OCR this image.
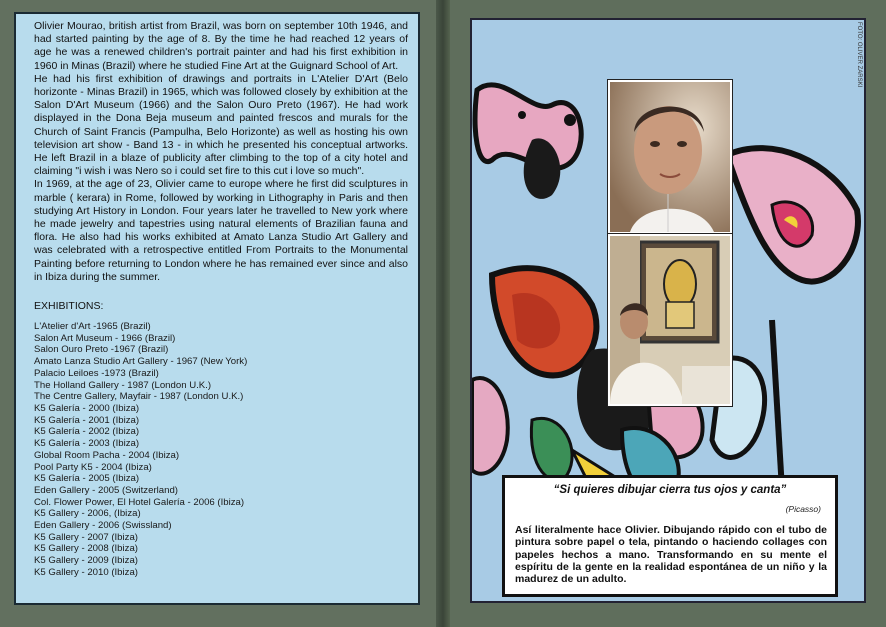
Olivier Mourao, british artist from Brazil, was born on september 10th 1946, and had started painting by the age of 8. By the time he had reached 12 years of age he was a renewed children's portrait painter and had his first exhibition in 1960 in Minas (Brazil) where he studied Fine Art at the Guignard School of Art.

He had his first exhibition of drawings and portraits in L'Atelier D'Art (Belo horizonte - Minas Brazil) in 1965, which was followed closely by exhibition at the Salon D'Art Museum (1966) and the Salon Ouro Preto (1967). He had work displayed in the Dona Beja museum and painted frescos and murals for the Church of Saint Francis (Pampulha, Belo Horizonte) as well as hosting his own television art show - Band 13 - in which he presented his conceptual artworks. He left Brazil in a blaze of publicity after climbing to the top of a city hotel and claiming "i wish i was Nero so i could set fire to this cut i love so much".

In 1969, at the age of 23, Olivier came to europe where he first did sculptures in marble ( kerara) in Rome, followed by working in Lithography in Paris and then studying Art History in London. Four years later he travelled to New york where he made jewelry and tapestries using natural elements of Brazilian fauna and flora. He also had his works exhibited at Amato Lanza Studio Art Gallery and was celebrated with a retrospective entitled From Portraits to the Monumental Painting before returning to London where he has remained ever since and also in Ibiza during the summer.

EXHIBITIONS:
L'Atelier d'Art -1965 (Brazil)
Salon Art Museum - 1966 (Brazil)
Salon Ouro Preto -1967 (Brazil)
Amato Lanza Studio Art Gallery - 1967 (New York)
Palacio Leiloes -1973 (Brazil)
The Holland Gallery - 1987 (London U.K.)
The Centre Gallery, Mayfair - 1987 (London U.K.)
K5 Galería - 2000 (Ibiza)
K5 Galería - 2001 (Ibiza)
K5 Galería - 2002 (Ibiza)
K5 Galería - 2003 (Ibiza)
Global Room Pacha - 2004 (Ibiza)
Pool Party K5 - 2004 (Ibiza)
K5 Galería - 2005 (Ibiza)
Eden Gallery - 2005 (Switzerland)
Col. Flower Power, El Hotel Galería - 2006 (Ibiza)
K5 Gallery - 2006, (Ibiza)
Eden Gallery - 2006 (Swissland)
K5 Gallery - 2007 (Ibiza)
K5 Gallery - 2008 (Ibiza)
K5 Gallery - 2009 (Ibiza)
K5 Gallery - 2010 (Ibiza)
FOTO: OLIVER ZARSKI
“Si quieres dibujar cierra tus ojos y canta”
(Picasso)
Así literalmente hace Olivier. Dibujando rápido con el tubo de pintura sobre papel o tela, pintando o haciendo collages con papeles hechos a mano. Transformando en su mente el espíritu de la gente en la realidad espontánea de un niño y la madurez de un adulto.
